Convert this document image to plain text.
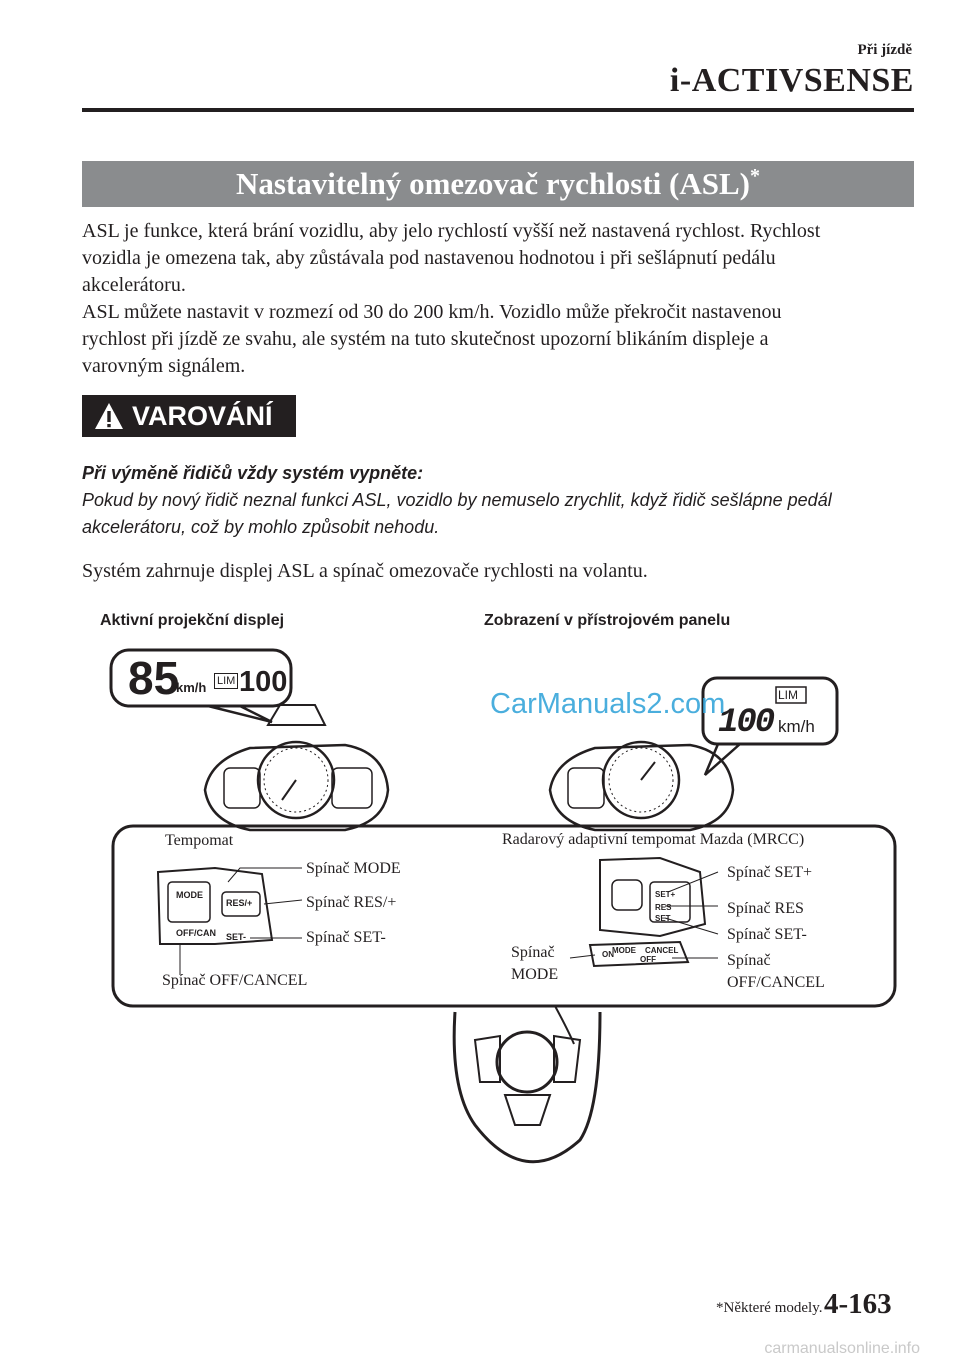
Při jízdě
i-ACTIVSENSE
Nastavitelný omezovač rychlosti (ASL)*
ASL je funkce, která brání vozidlu, aby jelo rychlostí vyšší než nastavená rychlost. Rychlost
vozidla je omezena tak, aby zůstávala pod nastavenou hodnotou i při sešlápnutí pedálu
akcelerátoru.
ASL můžete nastavit v rozmezí od 30 do 200 km/h. Vozidlo může překročit nastavenou
rychlost při jízdě ze svahu, ale systém na tuto skutečnost upozorní blikáním displeje a
varovným signálem.
VAROVÁNÍ
Při výměně řidičů vždy systém vypněte:
Pokud by nový řidič neznal funkci ASL, vozidlo by nemuselo zrychlit, když řidič sešlápne pedál
akcelerátoru, což by mohlo způsobit nehodu.
Systém zahrnuje displej ASL a spínač omezovače rychlosti na volantu.
Aktivní projekční displej	Zobrazení v přístrojovém panelu
85
km/h LIM 100	LIM
100 km/h
CarManuals2.com
MODE
RES/+
OFF/CAN SET-
SET+
RES
SET
ON
MODE CANCEL
OFF
Tempomat	Radarový adaptivní tempomat Mazda (MRCC)
Spínač MODE
Spínač RES/+
Spínač SET-
Spínač OFF/CANCEL
Spínač SET+
Spínač RES
Spínač SET-
Spínač
OFF/CANCEL
Spínač
MODE
*Některé modely. 4-163
carmanualsonline.info
